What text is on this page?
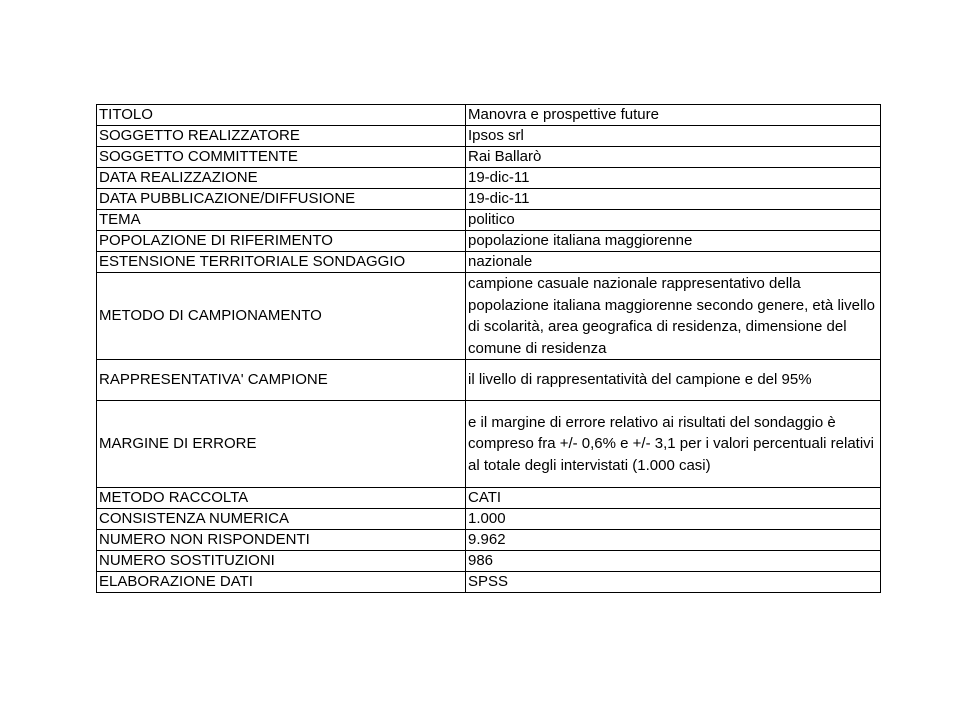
TITOLO	Manovra e prospettive future
SOGGETTO REALIZZATORE	Ipsos srl
SOGGETTO COMMITTENTE	Rai Ballarò
DATA REALIZZAZIONE	19-dic-11
DATA PUBBLICAZIONE/DIFFUSIONE	19-dic-11
TEMA	politico
POPOLAZIONE DI RIFERIMENTO	popolazione italiana maggiorenne
ESTENSIONE TERRITORIALE SONDAGGIO	nazionale
METODO DI CAMPIONAMENTO	campione casuale nazionale rappresentativo della popolazione italiana maggiorenne secondo genere, età livello di scolarità, area geografica di residenza, dimensione del comune di residenza
RAPPRESENTATIVA' CAMPIONE	il livello di rappresentatività del campione e del 95%
MARGINE DI ERRORE	e il margine di errore relativo ai risultati del sondaggio è compreso fra +/- 0,6% e +/- 3,1 per i valori percentuali relativi al totale degli intervistati (1.000 casi)
METODO RACCOLTA	CATI
CONSISTENZA NUMERICA	1.000
NUMERO NON RISPONDENTI	9.962
NUMERO SOSTITUZIONI	986
ELABORAZIONE DATI	SPSS
